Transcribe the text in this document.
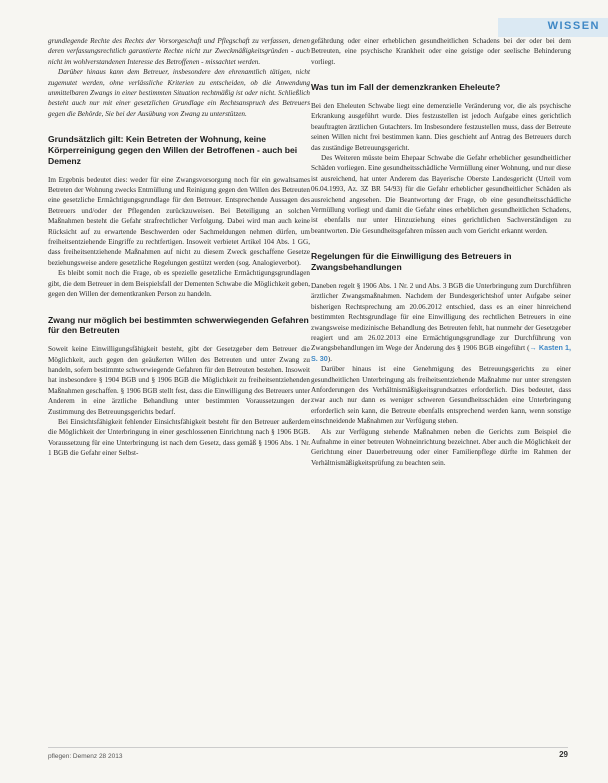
WISSEN

grundlegende Rechte des Rechts der Vorsorgeschaft und Pflegschaft zu verfassen, denen deren verfassungsrechtlich garantierte Rechte nicht zur Zweckmäßigkeitsgründen - auch nicht im wohlverstandenen Interesse des Betroffenen - missachtet werden.

Darüber hinaus kann dem Betreuer, insbesondere den ehrenamtlich tätigen, nicht zugemutet werden, ohne verlässliche Kriterien zu entscheiden, ob die Anwendung unmittelbaren Zwangs in einer bestimmten Situation rechtmäßig ist oder nicht. Schließlich besteht auch nur mit einer gesetzlichen Grundlage ein Rechtsanspruch des Betreuers gegen die Behörde, Sie bei der Ausübung von Zwang zu unterstützen.

Grundsätzlich gilt: Kein Betreten der Wohnung, keine Körperreinigung gegen den Willen der Betroffenen - auch bei Demenz

Im Ergebnis bedeutet dies: weder für eine Zwangsvorsorgung noch für ein gewaltsames Betreten der Wohnung zwecks Entmüllung und Reinigung gegen den Willen des Betreuten eine gesetzliche Ermächtigungsgrundlage für den Betreuer. Entsprechende Aussagen des Betreuers und/oder der Pflegenden zurückzuweisen. Bei Beteiligung an solchen Maßnahmen besteht die Gefahr strafrechtlicher Verfolgung. Dabei wird man auch keine Rücksicht auf zu erwartende Beschwerden oder Sachmeldungen nehmen dürfen, um freiheitsentziehende Eingriffe zu rechtfertigen. Insoweit verbietet Artikel 104 Abs. 1 GG, dass freiheitsentziehende Maßnahmen auf nicht zu diesem Zweck geschaffene Gesetze beziehungsweise andere gesetzliche Regelungen gestützt werden (sog. Analogieverbot).

Es bleibt somit noch die Frage, ob es spezielle gesetzliche Ermächtigungsgrundlagen gibt, die dem Betreuer in dem Beispielsfall der Dementen Schwabe die Möglichkeit geben, gegen den Willen der dementkranken Person zu handeln.

Zwang nur möglich bei bestimmten schwerwiegenden Gefahren für den Betreuten

Soweit keine Einwilligungsfähigkeit besteht, gibt der Gesetzgeber dem Betreuer die Möglichkeit, auch gegen den geäußerten Willen des Betreuten und unter Zwang zu handeln, sofern bestimmte schwerwiegende Gefahren für den Betreuten bestehen. Insoweit hat insbesondere § 1904 BGB und § 1906 BGB die Möglichkeit zu freiheitsentziehenden Maßnahmen geschaffen. § 1906 BGB stellt fest, dass die Einwilligung des Betreuers unter Anderem in eine ärztliche Behandlung unter bestimmten Voraussetzungen der Zustimmung des Betreuungsgerichts bedarf.

Bei Einsichtsfähigkeit fehlender Einsichtsfähigkeit besteht für den Betreuer außerdem die Möglichkeit der Unterbringung in einer geschlossenen Einrichtung nach § 1906 BGB. Voraussetzung für eine Unterbringung ist nach dem Gesetz, dass gemäß § 1906 Abs. 1 Nr. 1 BGB die Gefahr einer Selbst-

gefährdung oder einer erheblichen gesundheitlichen Schadens bei der oder bei dem Betreuten, eine psychische Krankheit oder eine geistige oder seelische Behinderung vorliegt.

Was tun im Fall der demenzkranken Eheleute?

Bei den Eheleuten Schwabe liegt eine demenzielle Veränderung vor, die als psychische Erkrankung ausgeführt wurde. Dies festzustellen ist jedoch Aufgabe eines gerichtlich beauftragten ärztlichen Gutachters. Im Insbesondere festzustellen muss, dass der Betreute seinen Willen nicht frei bestimmen kann. Dies geschieht auf Antrag des Betreuers durch das zuständige Betreuungsgericht.

Des Weiteren müsste beim Ehepaar Schwabe die Gefahr erheblicher gesundheitlicher Schäden vorliegen. Eine gesundheitsschädliche Vermüllung einer Wohnung, und nur diese ist ausreichend, hat unter Anderem das Bayerische Oberste Landesgericht (Urteil vom 06.04.1993, Az. 3Z BR 54/93) für die Gefahr erheblicher gesundheitlicher Schäden als ausreichend angesehen. Die Beantwortung der Frage, ob eine gesundheitsschädliche Vermüllung vorliegt und damit die Gefahr eines erheblichen gesundheitlichen Schadens, ist ebenfalls nur unter Hinzuziehung eines gerichtlichen Sachverständigen zu beantworten. Die Gesundheitsgefahren müssen auch vom Gericht erkannt werden.

Regelungen für die Einwilligung des Betreuers in Zwangsbehandlungen

Daneben regelt § 1906 Abs. 1 Nr. 2 und Abs. 3 BGB die Unterbringung zum Durchführen ärztlicher Zwangsmaßnahmen. Nachdem der Bundesgerichtshof unter Aufgabe seiner bisherigen Rechtsprechung am 20.06.2012 entschied, dass es an einer hinreichend bestimmten Rechtsgrundlage für eine Einwilligung des rechtlichen Betreuers in eine zwangsweise medizinische Behandlung des Betreuten fehlt, hat nunmehr der Gesetzgeber reagiert und am 26.02.2013 eine Ermächtigungsgrundlage zur Durchführung von Zwangsbehandlungen im Wege der Änderung des § 1906 BGB eingeführt (→ Kasten 1, S. 30).

Darüber hinaus ist eine Genehmigung des Betreuungsgerichts zu einer gesundheitlichen Unterbringung als freiheitsentziehende Maßnahme nur unter strengsten Anforderungen des Verhältnismäßigkeitsgrundsatzes erforderlich. Dies bedeutet, dass zwar auch nur dann es weniger schweren Gesundheitsschäden eine Unterbringung erforderlich sein kann, die Betreute ebenfalls entsprechend werden kann, wenn sonstige einschneidende Maßnahmen zur Verfügung stehen.

Als zur Verfügung stehende Maßnahmen neben die Gerichts zum Beispiel die Aufnahme in einer betreuten Wohneinrichtung bezeichnet. Aber auch die Möglichkeit der Gerichtung einer Dauerbetreuung oder einer Familienpflege dürfte im Rahmen der Verhältnismäßigkeitsprüfung zu beachten sein.

pflegen: Demenz 28 2013	29
